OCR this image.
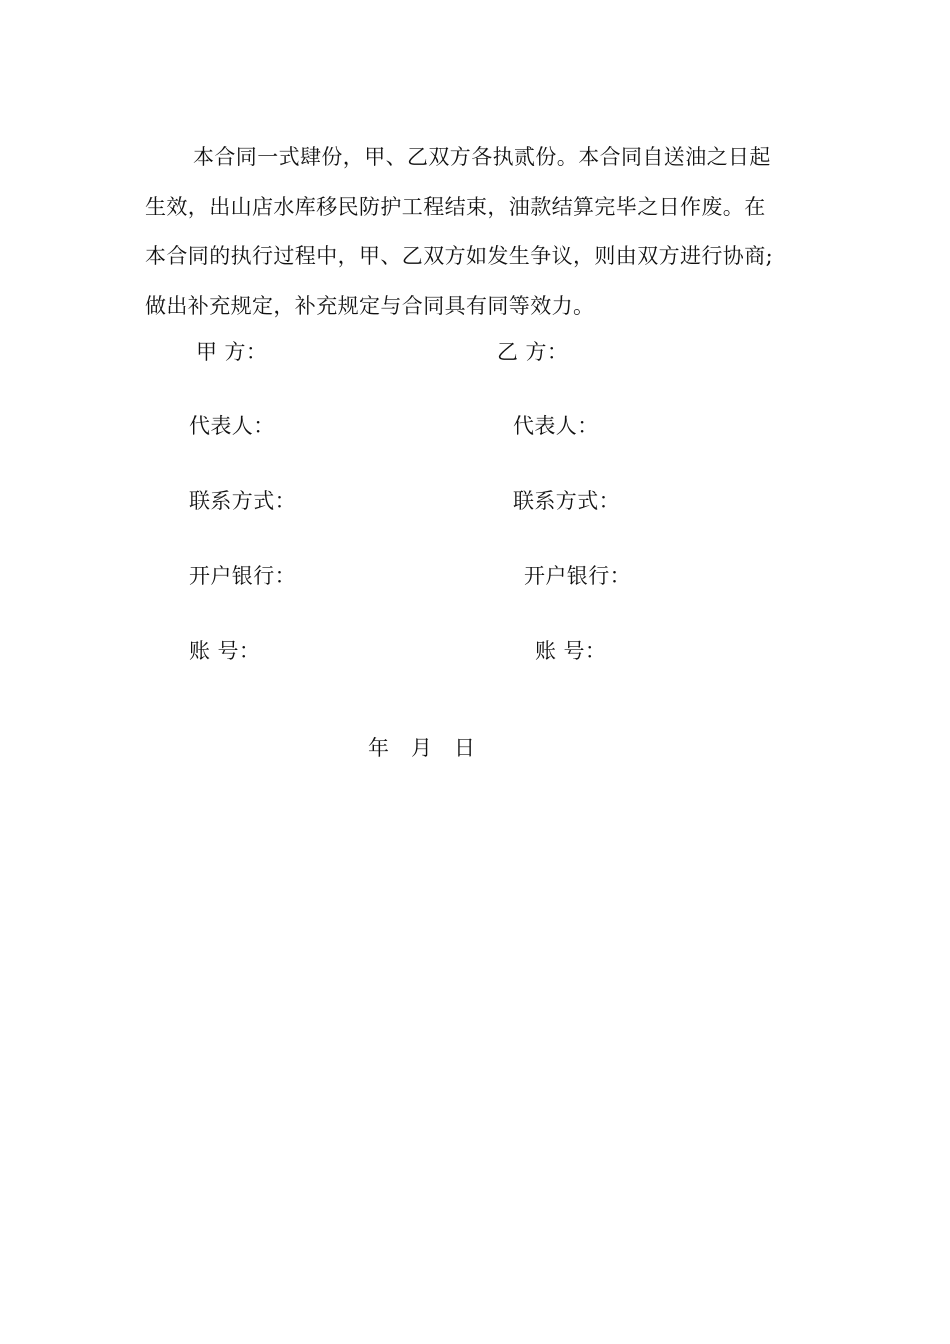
本合同一式肆份，甲、乙双方各执贰份。本合同自送油之日起
生效，出山店水库移民防护工程结束，油款结算完毕之日作废。在
本合同的执行过程中，甲、乙双方如发生争议，则由双方进行协商;
做出补充规定，补充规定与合同具有同等效力。
甲 方：
代表人：
联系方式：
开户银行：
账 号：
乙 方：
代表人：
联系方式：
开户银行：
账 号：
年 月 日
